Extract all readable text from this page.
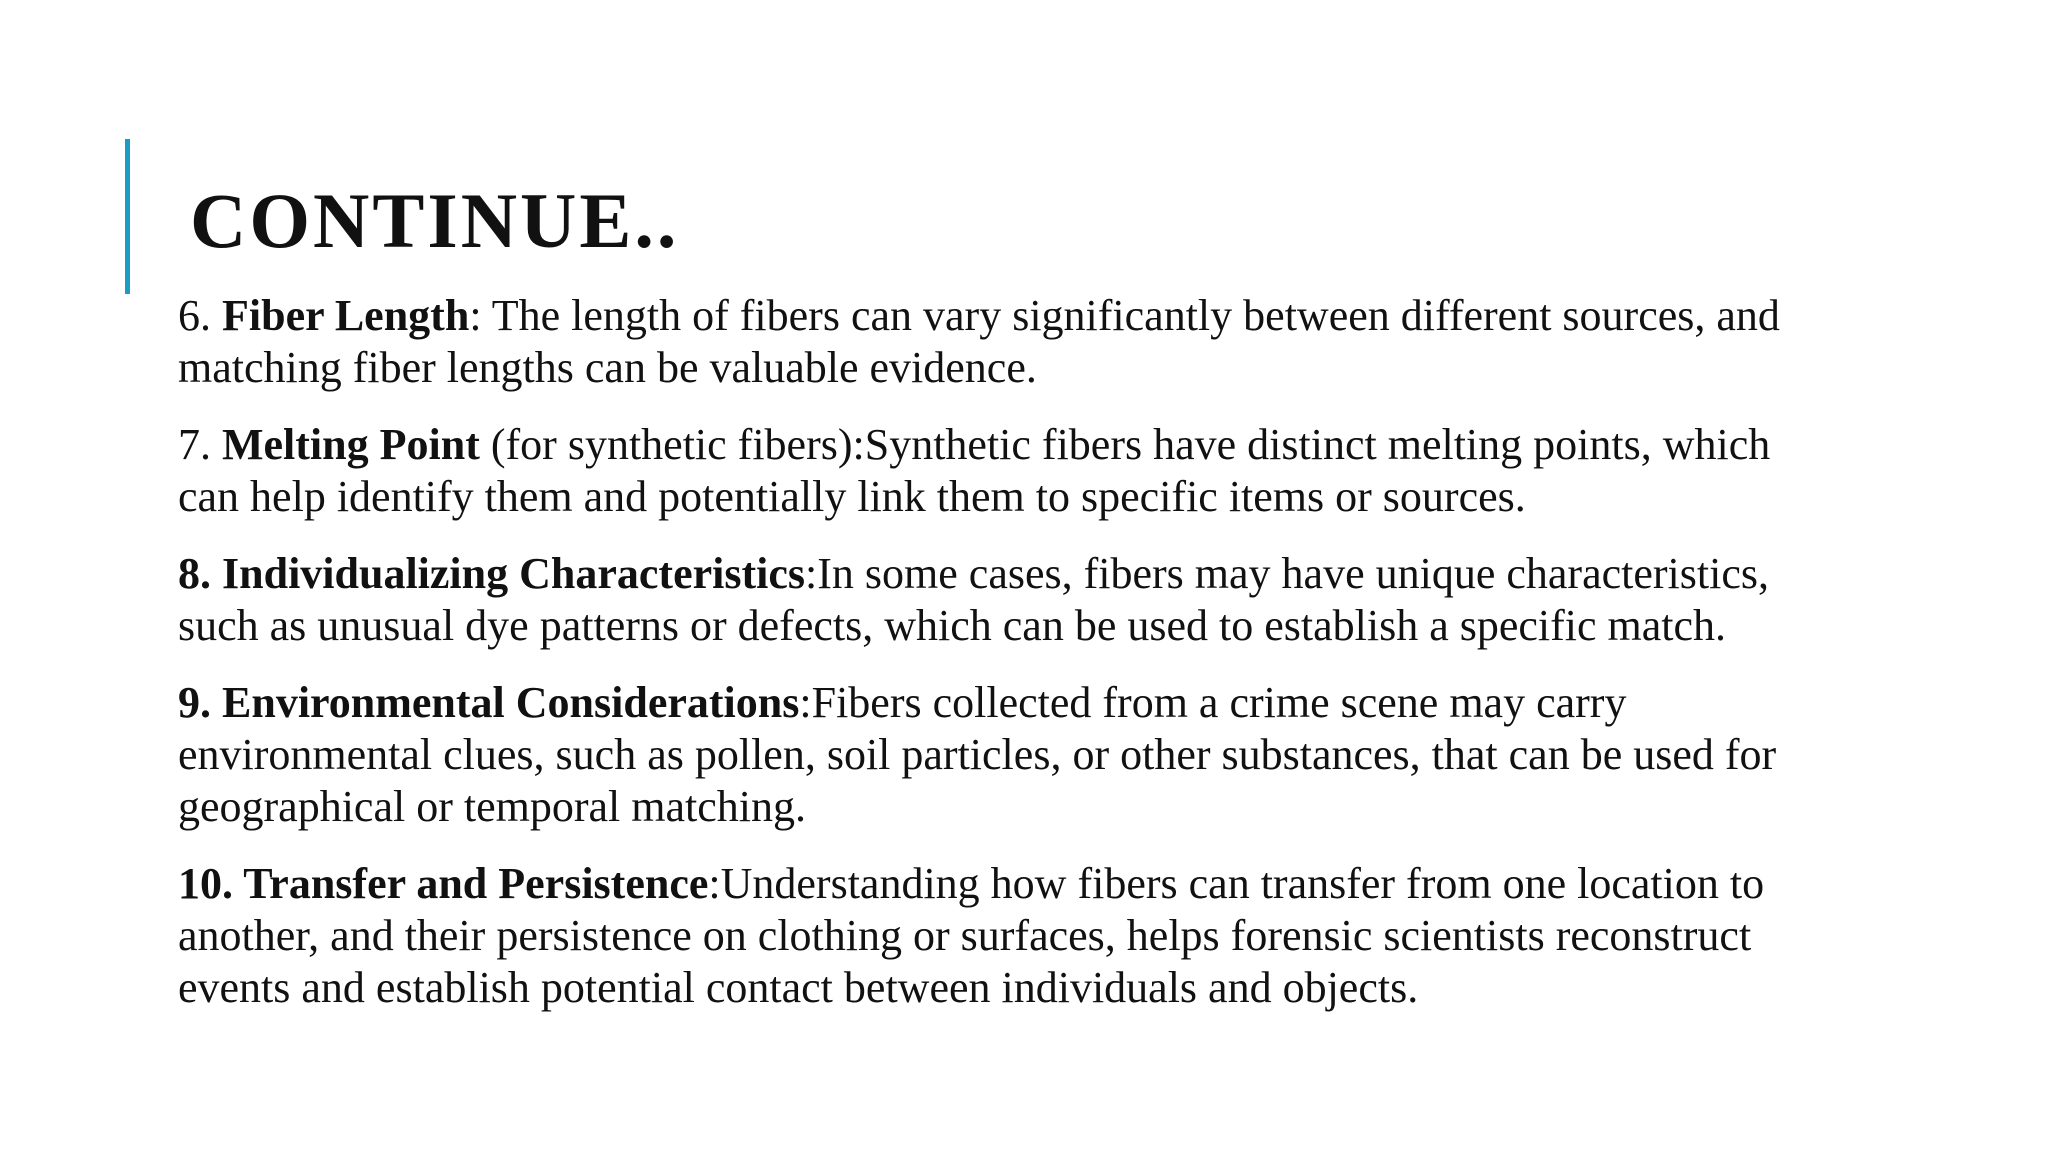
CONTINUE..

6. Fiber Length: The length of fibers can vary significantly between different sources, and matching fiber lengths can be valuable evidence.

7. Melting Point (for synthetic fibers):Synthetic fibers have distinct melting points, which can help identify them and potentially link them to specific items or sources.

8. Individualizing Characteristics:In some cases, fibers may have unique characteristics, such as unusual dye patterns or defects, which can be used to establish a specific match.

9. Environmental Considerations:Fibers collected from a crime scene may carry environmental clues, such as pollen, soil particles, or other substances, that can be used for geographical or temporal matching.

10. Transfer and Persistence:Understanding how fibers can transfer from one location to another, and their persistence on clothing or surfaces, helps forensic scientists reconstruct events and establish potential contact between individuals and objects.
